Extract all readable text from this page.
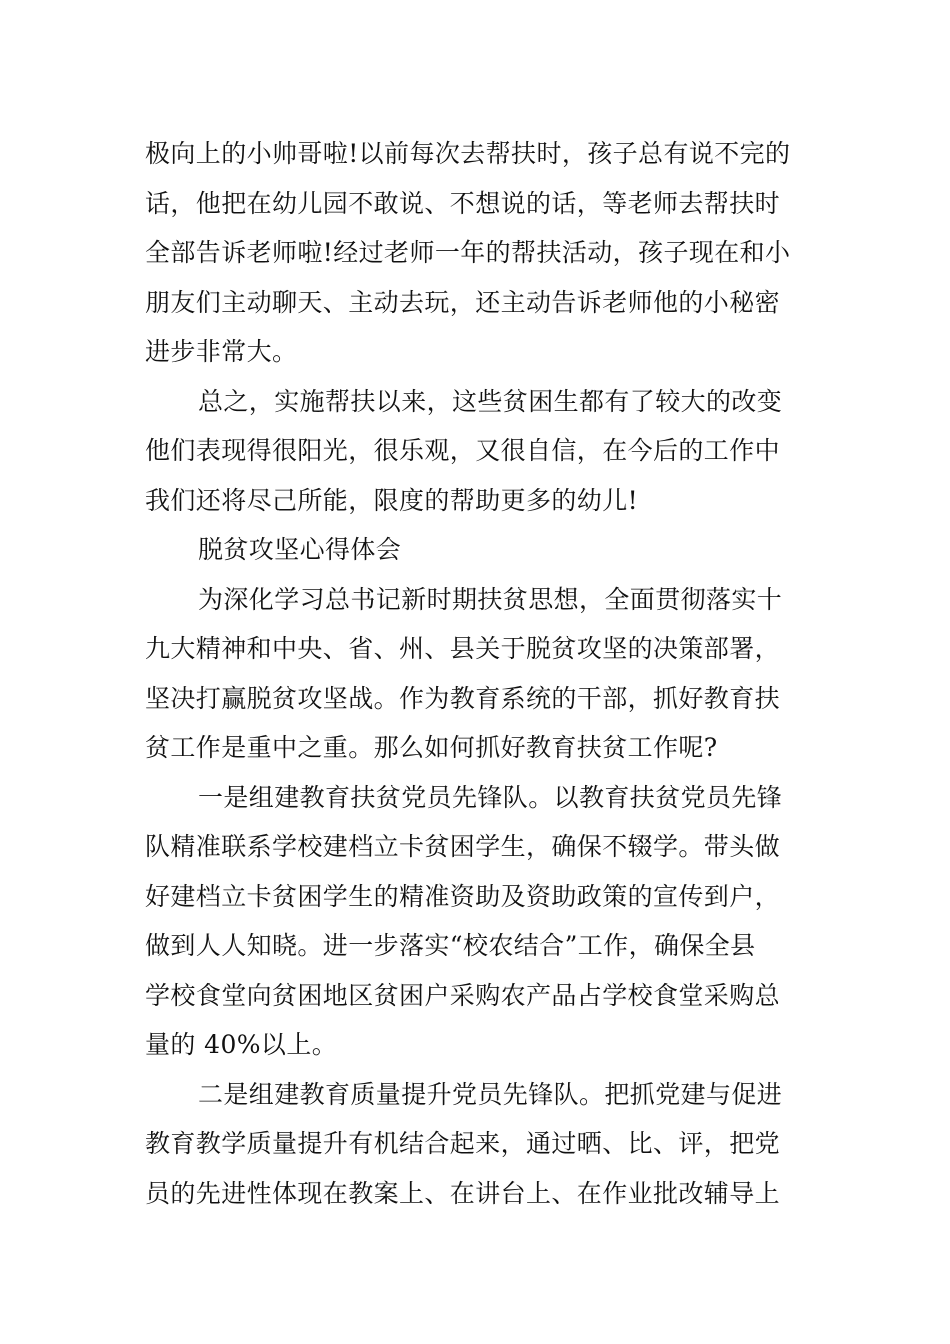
极向上的小帅哥啦!以前每次去帮扶时，孩子总有说不完的
话，他把在幼儿园不敢说、不想说的话，等老师去帮扶时
全部告诉老师啦!经过老师一年的帮扶活动，孩子现在和小
朋友们主动聊天、主动去玩，还主动告诉老师他的小秘密
进步非常大。
总之，实施帮扶以来，这些贫困生都有了较大的改变
他们表现得很阳光，很乐观，又很自信，在今后的工作中
我们还将尽己所能，限度的帮助更多的幼儿!
脱贫攻坚心得体会
为深化学习总书记新时期扶贫思想，全面贯彻落实十
九大精神和中央、省、州、县关于脱贫攻坚的决策部署，
坚决打赢脱贫攻坚战。作为教育系统的干部，抓好教育扶
贫工作是重中之重。那么如何抓好教育扶贫工作呢?
一是组建教育扶贫党员先锋队。以教育扶贫党员先锋
队精准联系学校建档立卡贫困学生，确保不辍学。带头做
好建档立卡贫困学生的精准资助及资助政策的宣传到户，
做到人人知晓。进一步落实“校农结合”工作，确保全县
学校食堂向贫困地区贫困户采购农产品占学校食堂采购总
量的 40%以上。
二是组建教育质量提升党员先锋队。把抓党建与促进
教育教学质量提升有机结合起来，通过晒、比、评，把党
员的先进性体现在教案上、在讲台上、在作业批改辅导上
